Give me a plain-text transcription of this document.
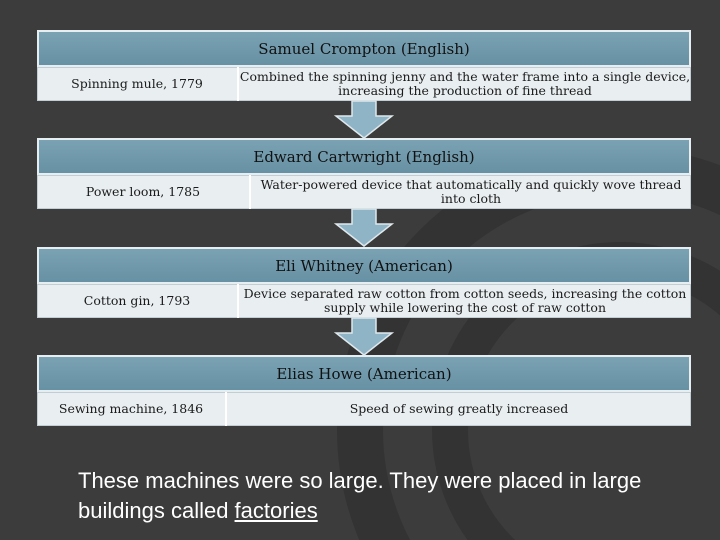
Samuel Crompton (English)
Spinning mule, 1779	Combined the spinning jenny and the water frame into a single device, increasing the production of fine thread
Edward Cartwright (English)
Power loom, 1785	Water-powered device that automatically and quickly wove thread into cloth
Eli Whitney (American)
Cotton gin, 1793	Device separated raw cotton from cotton seeds, increasing the cotton supply while lowering the cost of raw cotton
Elias Howe (American)
Sewing machine, 1846	Speed of sewing greatly increased
These machines were so large. They were placed in large buildings called factories
